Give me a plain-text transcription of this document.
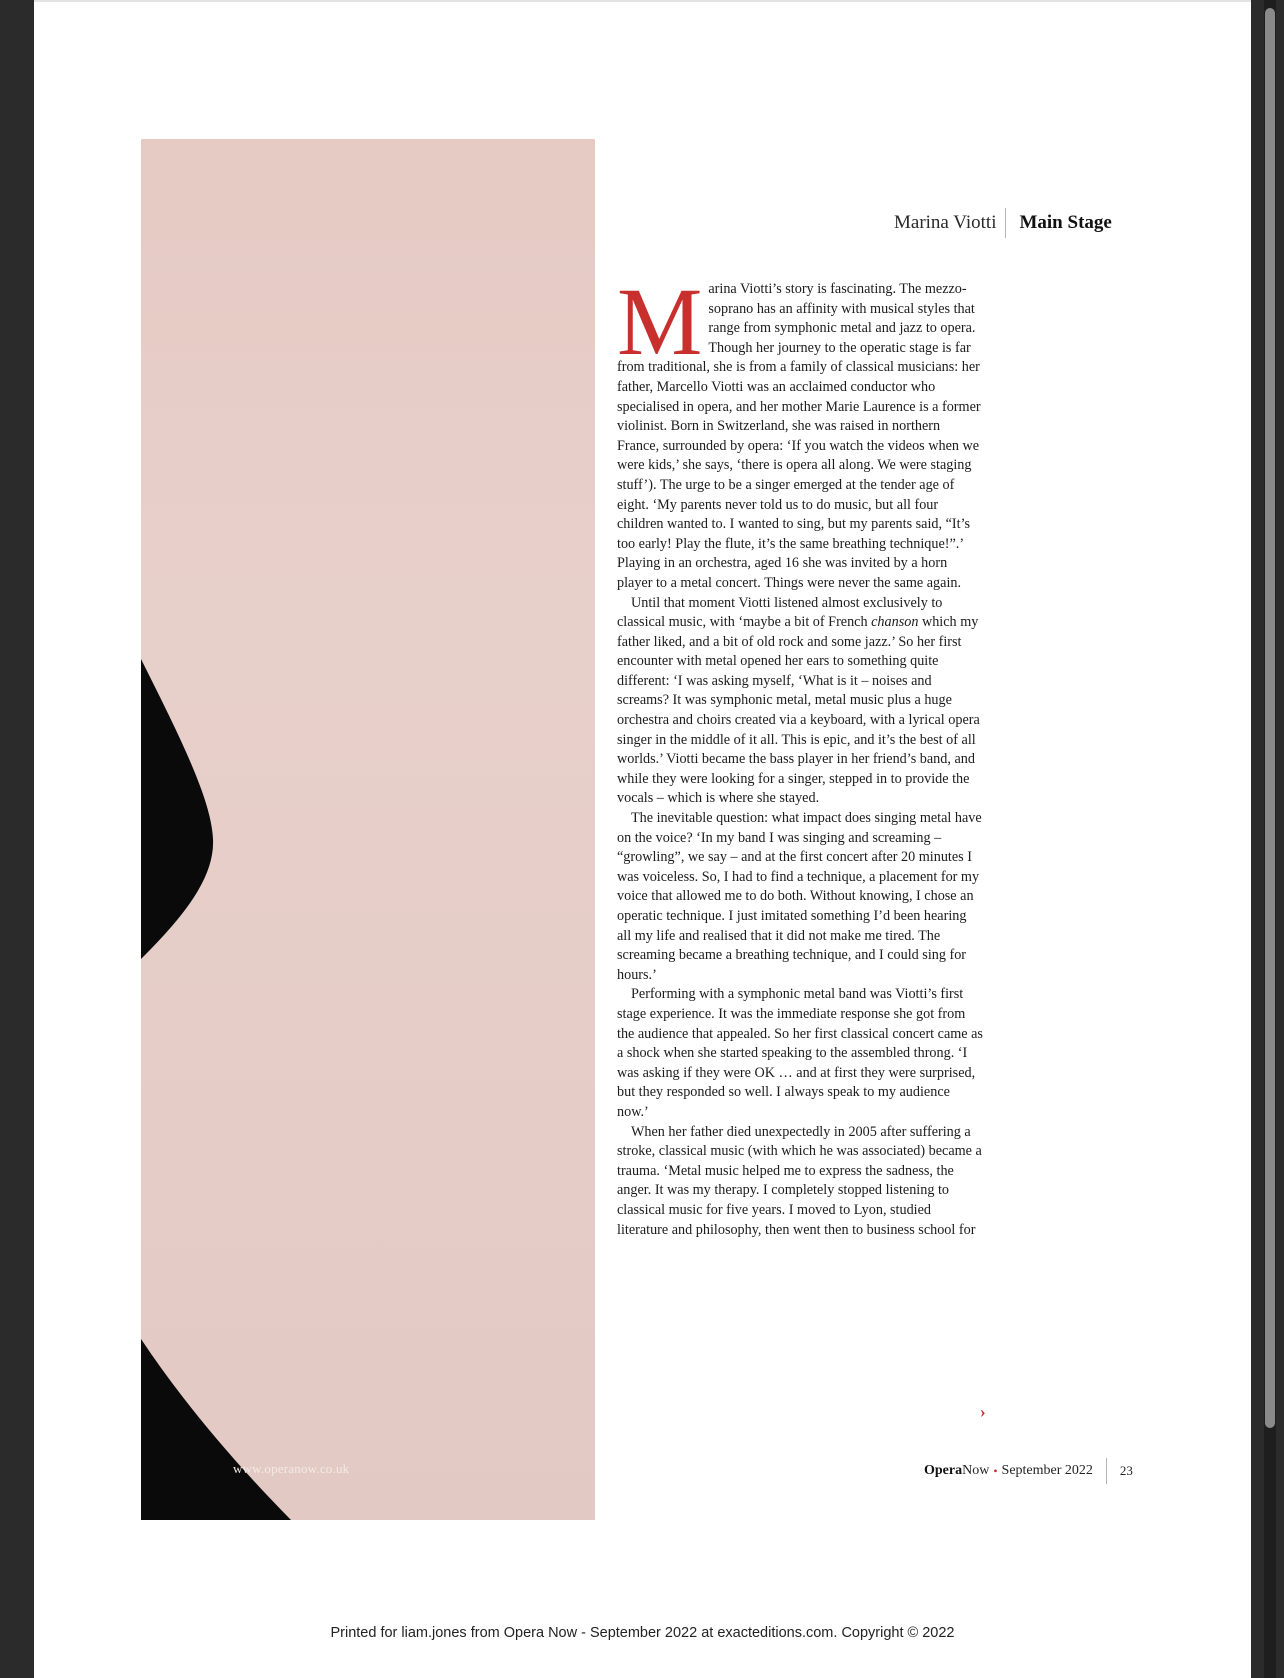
www.operanow.co.uk
Marina Viotti	Main Stage

Marina Viotti’s story is fascinating. The mezzo-soprano has an affinity with musical styles that range from symphonic metal and jazz to opera. Though her journey to the operatic stage is far from traditional, she is from a family of classical musicians: her father, Marcello Viotti was an acclaimed conductor who specialised in opera, and her mother Marie Laurence is a former violinist. Born in Switzerland, she was raised in northern France, surrounded by opera: ‘If you watch the videos when we were kids,’ she says, ‘there is opera all along. We were staging stuff’). The urge to be a singer emerged at the tender age of eight. ‘My parents never told us to do music, but all four children wanted to. I wanted to sing, but my parents said, “It’s too early! Play the flute, it’s the same breathing technique!”.’ Playing in an orchestra, aged 16 she was invited by a horn player to a metal concert. Things were never the same again.

Until that moment Viotti listened almost exclusively to classical music, with ‘maybe a bit of French chanson which my father liked, and a bit of old rock and some jazz.’ So her first encounter with metal opened her ears to something quite different: ‘I was asking myself, ‘What is it – noises and screams? It was symphonic metal, metal music plus a huge orchestra and choirs created via a keyboard, with a lyrical opera singer in the middle of it all. This is epic, and it’s the best of all worlds.’ Viotti became the bass player in her friend’s band, and while they were looking for a singer, stepped in to provide the vocals – which is where she stayed.

The inevitable question: what impact does singing metal have on the voice? ‘In my band I was singing and screaming – “growling”, we say – and at the first concert after 20 minutes I was voiceless. So, I had to find a technique, a placement for my voice that allowed me to do both. Without knowing, I chose an operatic technique. I just imitated something I’d been hearing all my life and realised that it did not make me tired. The screaming became a breathing technique, and I could sing for hours.’

Performing with a symphonic metal band was Viotti’s first stage experience. It was the immediate response she got from the audience that appealed. So her first classical concert came as a shock when she started speaking to the assembled throng. ‘I was asking if they were OK … and at first they were surprised, but they responded so well. I always speak to my audience now.’

When her father died unexpectedly in 2005 after suffering a stroke, classical music (with which he was associated) became a trauma. ‘Metal music helped me to express the sadness, the anger. It was my therapy. I completely stopped listening to classical music for five years. I moved to Lyon, studied literature and philosophy, then went then to business school for

›
Opera Now • September 2022 23
Printed for liam.jones from Opera Now - September 2022 at exacteditions.com. Copyright © 2022
